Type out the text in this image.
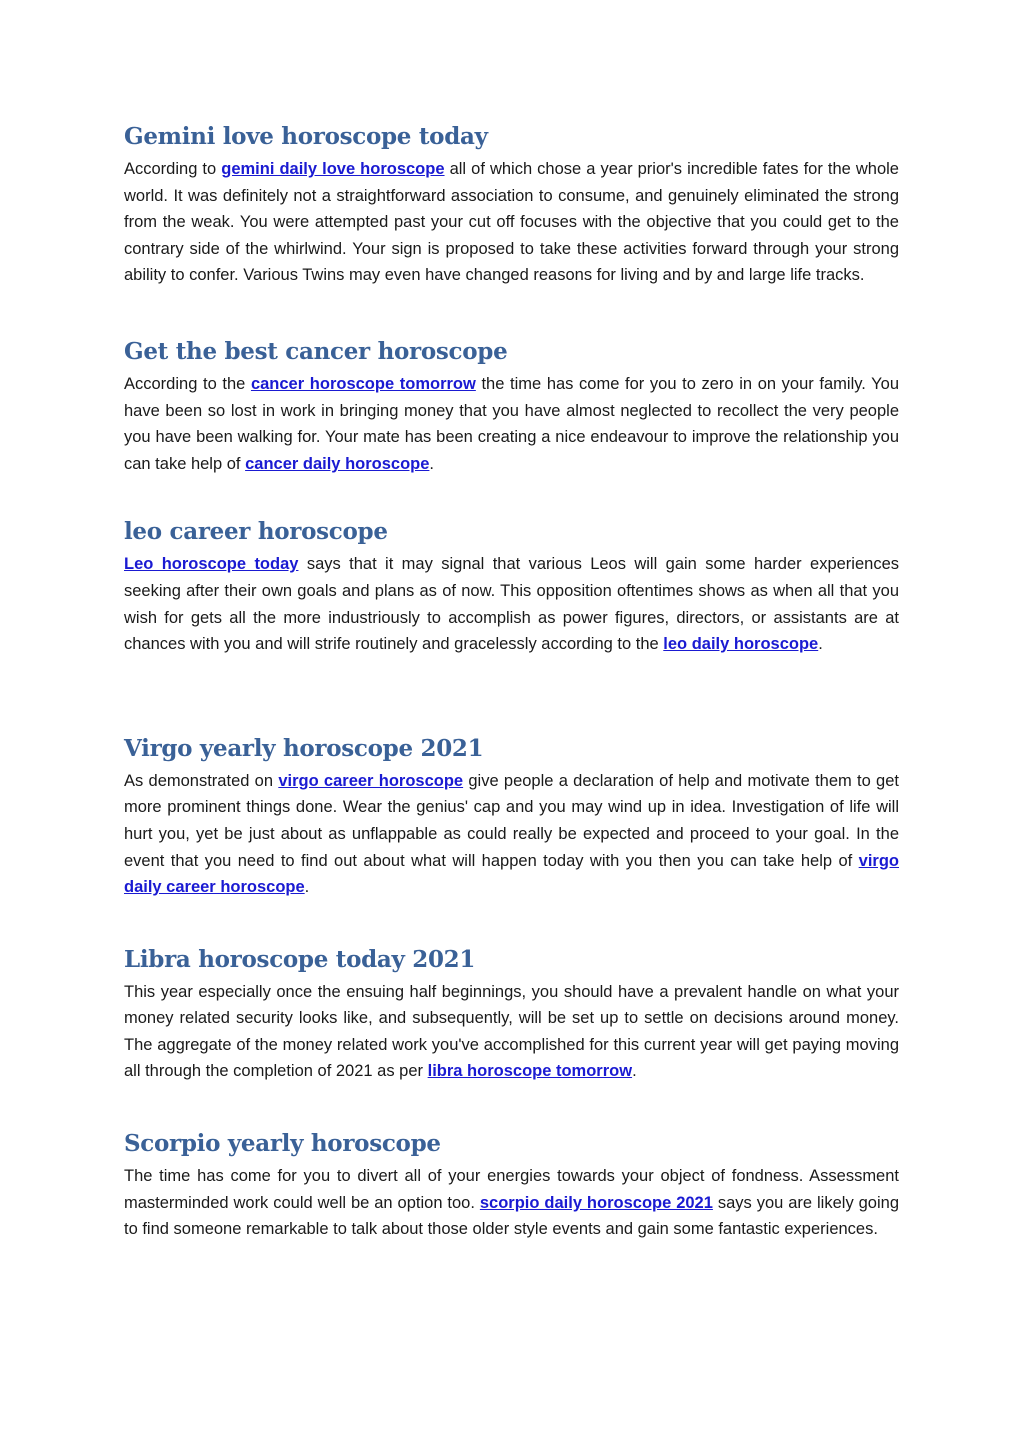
Gemini love horoscope today

According to gemini daily love horoscope all of which chose a year prior's incredible fates for the whole world. It was definitely not a straightforward association to consume, and genuinely eliminated the strong from the weak. You were attempted past your cut off focuses with the objective that you could get to the contrary side of the whirlwind. Your sign is proposed to take these activities forward through your strong ability to confer. Various Twins may even have changed reasons for living and by and large life tracks.

Get the best cancer horoscope

According to the cancer horoscope tomorrow the time has come for you to zero in on your family. You have been so lost in work in bringing money that you have almost neglected to recollect the very people you have been walking for. Your mate has been creating a nice endeavour to improve the relationship you can take help of cancer daily horoscope.

leo career horoscope

Leo horoscope today says that it may signal that various Leos will gain some harder experiences seeking after their own goals and plans as of now. This opposition oftentimes shows as when all that you wish for gets all the more industriously to accomplish as power figures, directors, or assistants are at chances with you and will strife routinely and gracelessly according to the leo daily horoscope.

Virgo yearly horoscope 2021

As demonstrated on virgo career horoscope give people a declaration of help and motivate them to get more prominent things done. Wear the genius' cap and you may wind up in idea. Investigation of life will hurt you, yet be just about as unflappable as could really be expected and proceed to your goal. In the event that you need to find out about what will happen today with you then you can take help of virgo daily career horoscope.

Libra horoscope today 2021

This year especially once the ensuing half beginnings, you should have a prevalent handle on what your money related security looks like, and subsequently, will be set up to settle on decisions around money. The aggregate of the money related work you've accomplished for this current year will get paying moving all through the completion of 2021 as per libra horoscope tomorrow.

Scorpio yearly horoscope

The time has come for you to divert all of your energies towards your object of fondness. Assessment masterminded work could well be an option too. scorpio daily horoscope 2021 says you are likely going to find someone remarkable to talk about those older style events and gain some fantastic experiences.
